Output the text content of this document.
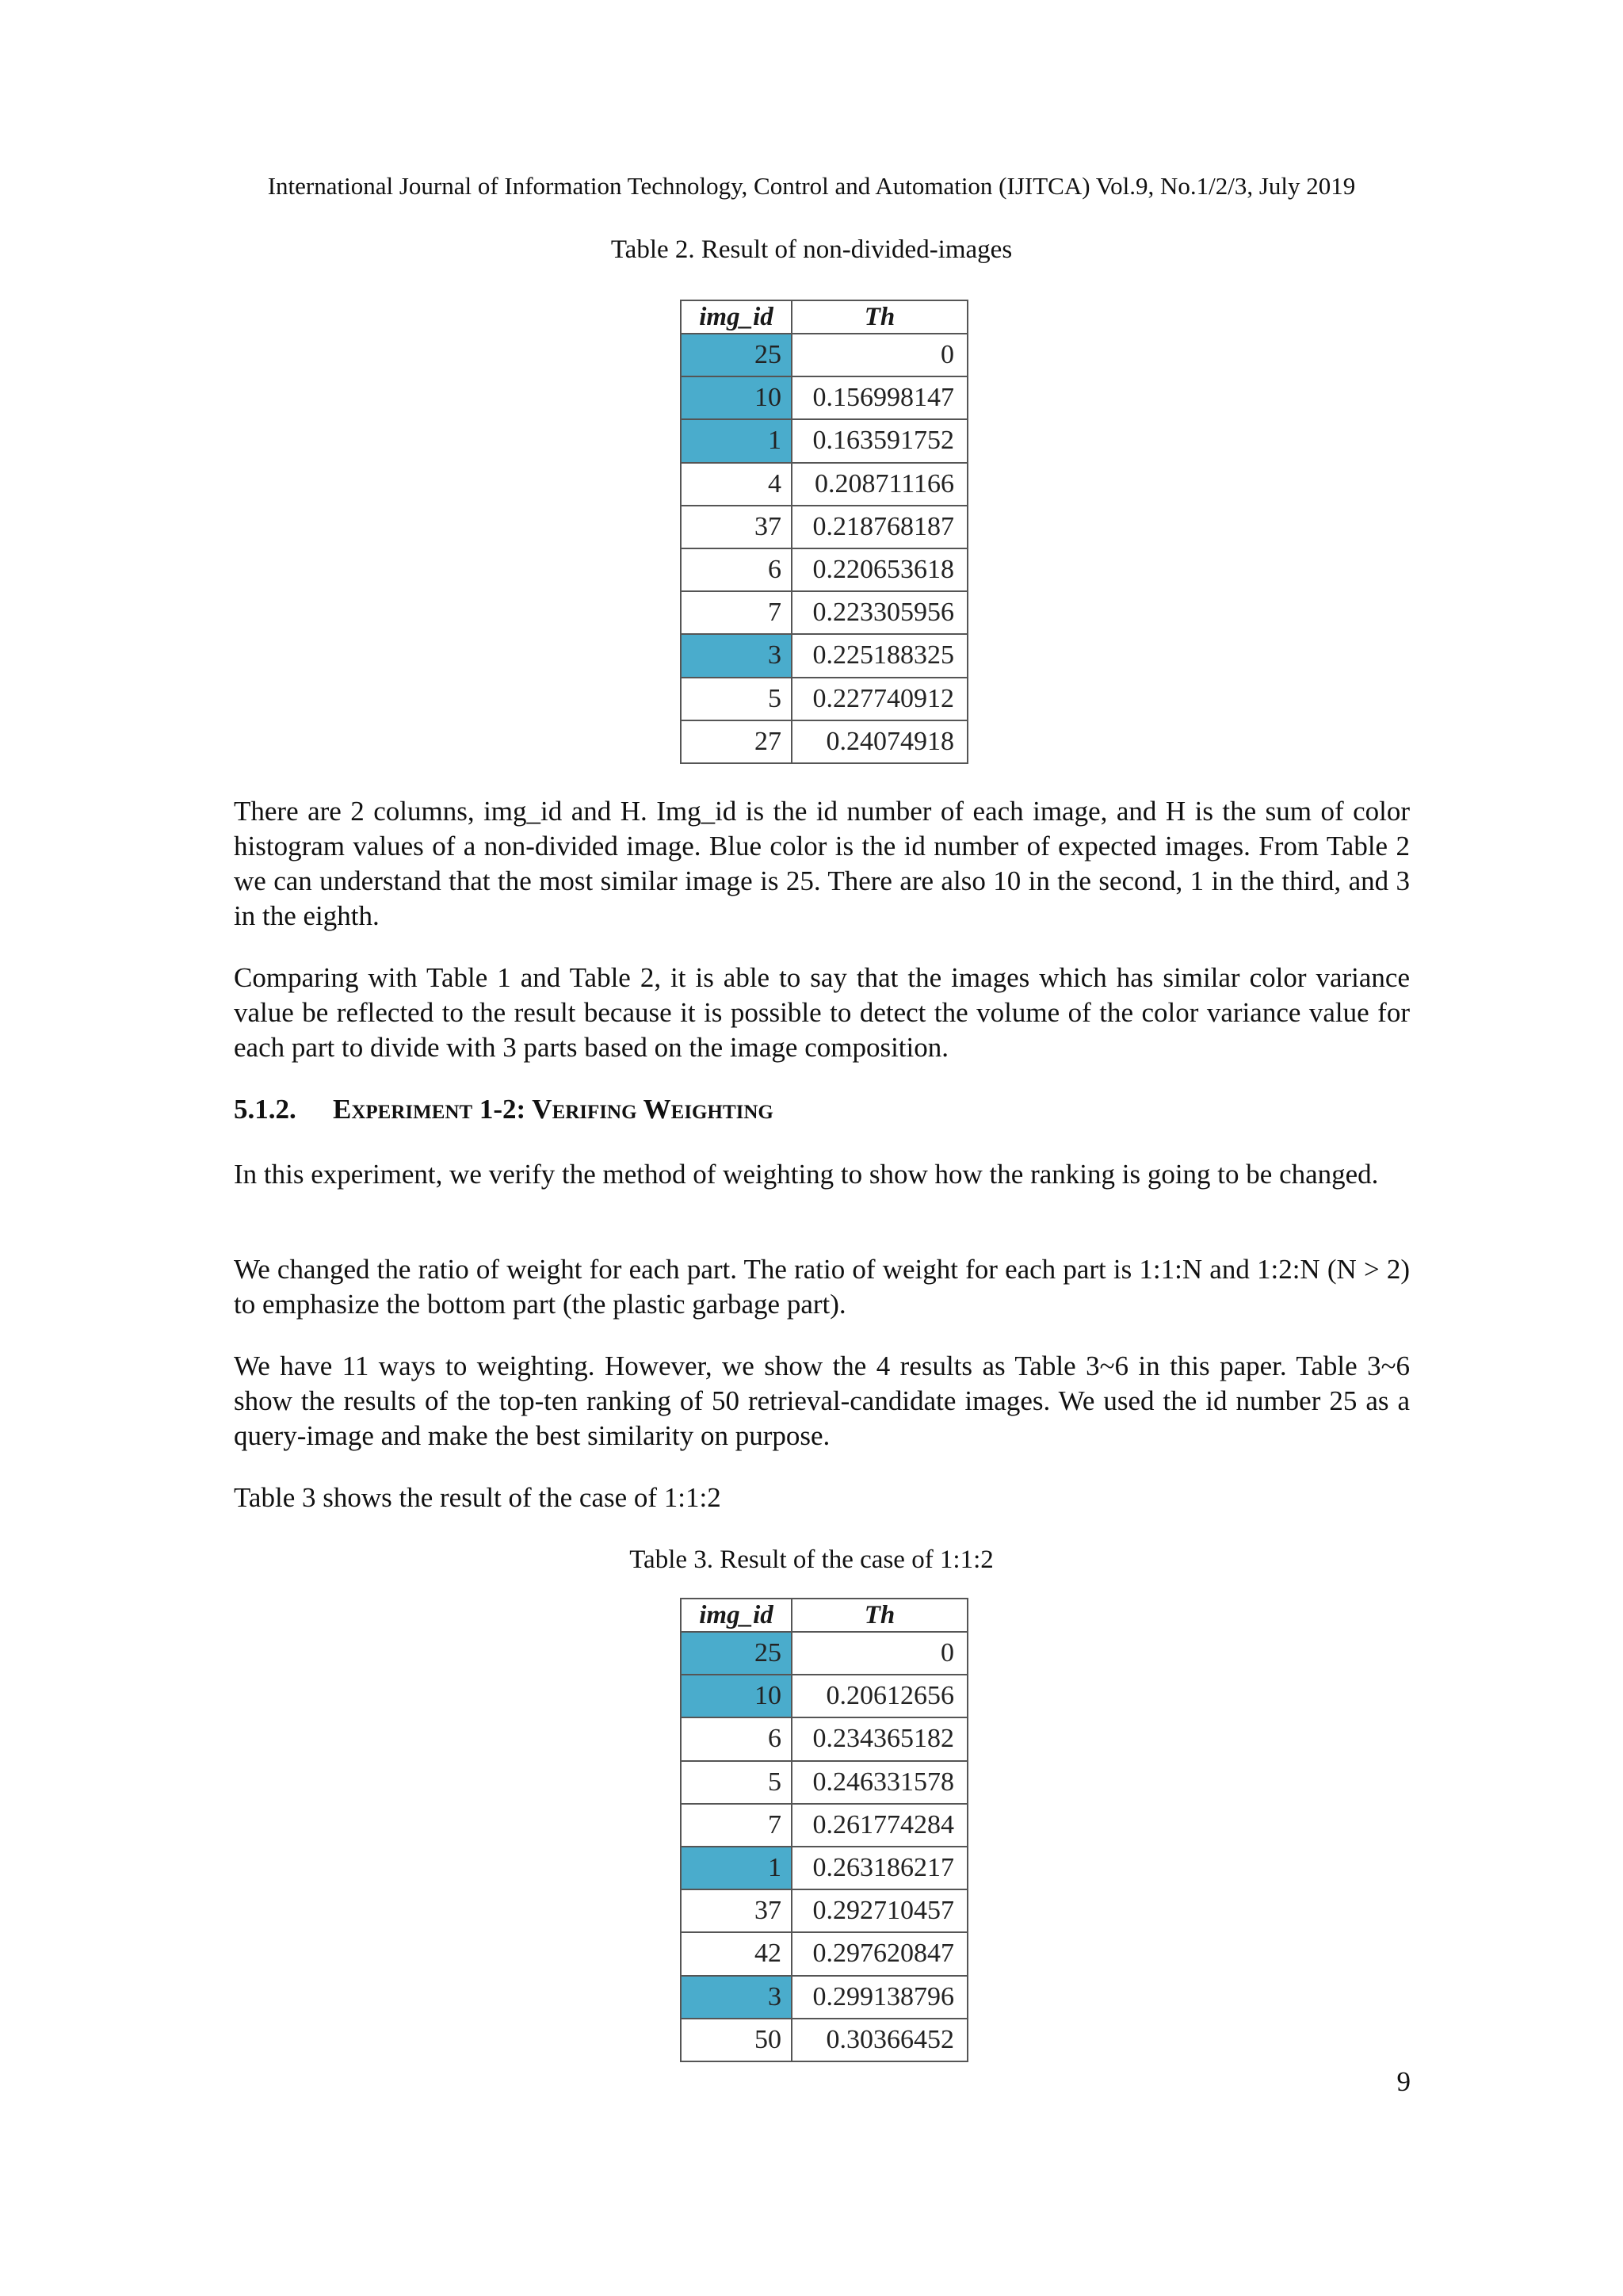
International Journal of Information Technology, Control and Automation (IJITCA) Vol.9, No.1/2/3, July 2019
Table 2. Result of non-divided-images
img_id	Th
25	0
10	0.156998147
1	0.163591752
4	0.208711166
37	0.218768187
6	0.220653618
7	0.223305956
3	0.225188325
5	0.227740912
27	0.24074918

There are 2 columns, img_id and H. Img_id is the id number of each image, and H is the sum of color histogram values of a non-divided image. Blue color is the id number of expected images. From Table 2 we can understand that the most similar image is 25. There are also 10 in the second, 1 in the third, and 3 in the eighth.

Comparing with Table 1 and Table 2, it is able to say that the images which has similar color variance value be reflected to the result because it is possible to detect the volume of the color variance value for each part to divide with 3 parts based on the image composition.

5.1.2. Experiment 1-2: Verifing Weighting

In this experiment, we verify the method of weighting to show how the ranking is going to be changed.

We changed the ratio of weight for each part. The ratio of weight for each part is 1:1:N and 1:2:N (N > 2) to emphasize the bottom part (the plastic garbage part).

We have 11 ways to weighting. However, we show the 4 results as Table 3~6 in this paper. Table 3~6 show the results of the top-ten ranking of 50 retrieval-candidate images. We used the id number 25 as a query-image and make the best similarity on purpose.

Table 3 shows the result of the case of 1:1:2

Table 3. Result of the case of 1:1:2
img_id	Th
25	0
10	0.20612656
6	0.234365182
5	0.246331578
7	0.261774284
1	0.263186217
37	0.292710457
42	0.297620847
3	0.299138796
50	0.30366452
9
